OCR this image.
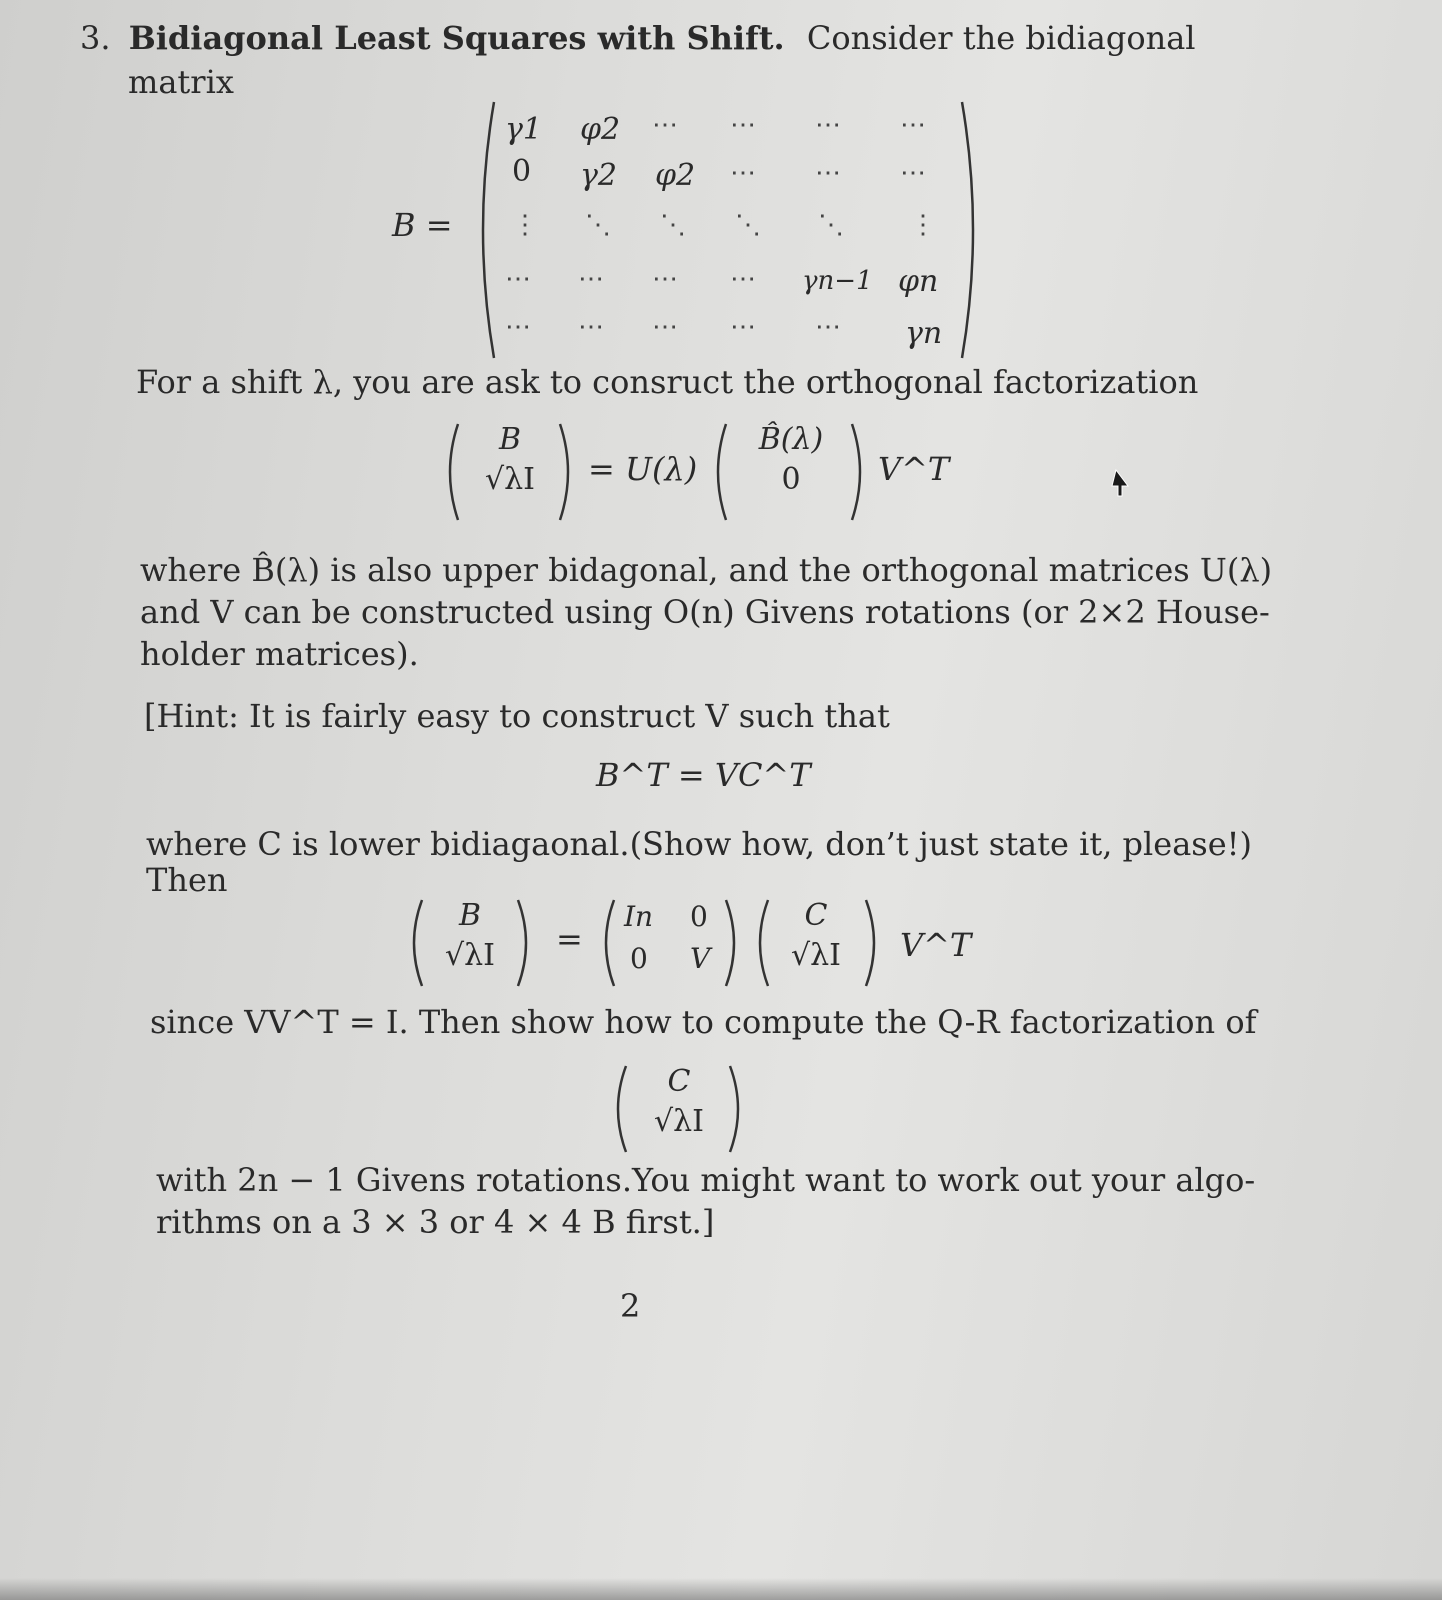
3. Bidiagonal Least Squares with Shift. Consider the bidiagonal
matrix
B =
γ1 φ2 ⋯ ⋯ ⋯ ⋯
0 γ2 φ2 ⋯ ⋯ ⋯
⋮ ⋱ ⋱ ⋱ ⋱ ⋮
⋯ ⋯ ⋯ ⋯ γn−1 φn
⋯ ⋯ ⋯ ⋯ ⋯ γn
For a shift λ, you are ask to consruct the orthogonal factorization
B
√λI	= U(λ)
B̂(λ)
0	V^T
where B̂(λ) is also upper bidagonal, and the orthogonal matrices U(λ)
and V can be constructed using O(n) Givens rotations (or 2×2 House-
holder matrices).
[Hint: It is fairly easy to construct V such that
B^T = VC^T
where C is lower bidiagaonal.(Show how, don’t just state it, please!)
Then
B
√λI	=
In 0
0 V
C
√λI	V^T
since VV^T = I. Then show how to compute the Q-R factorization of
C
√λI
with 2n − 1 Givens rotations.You might want to work out your algo-
rithms on a 3 × 3 or 4 × 4 B first.]
2
